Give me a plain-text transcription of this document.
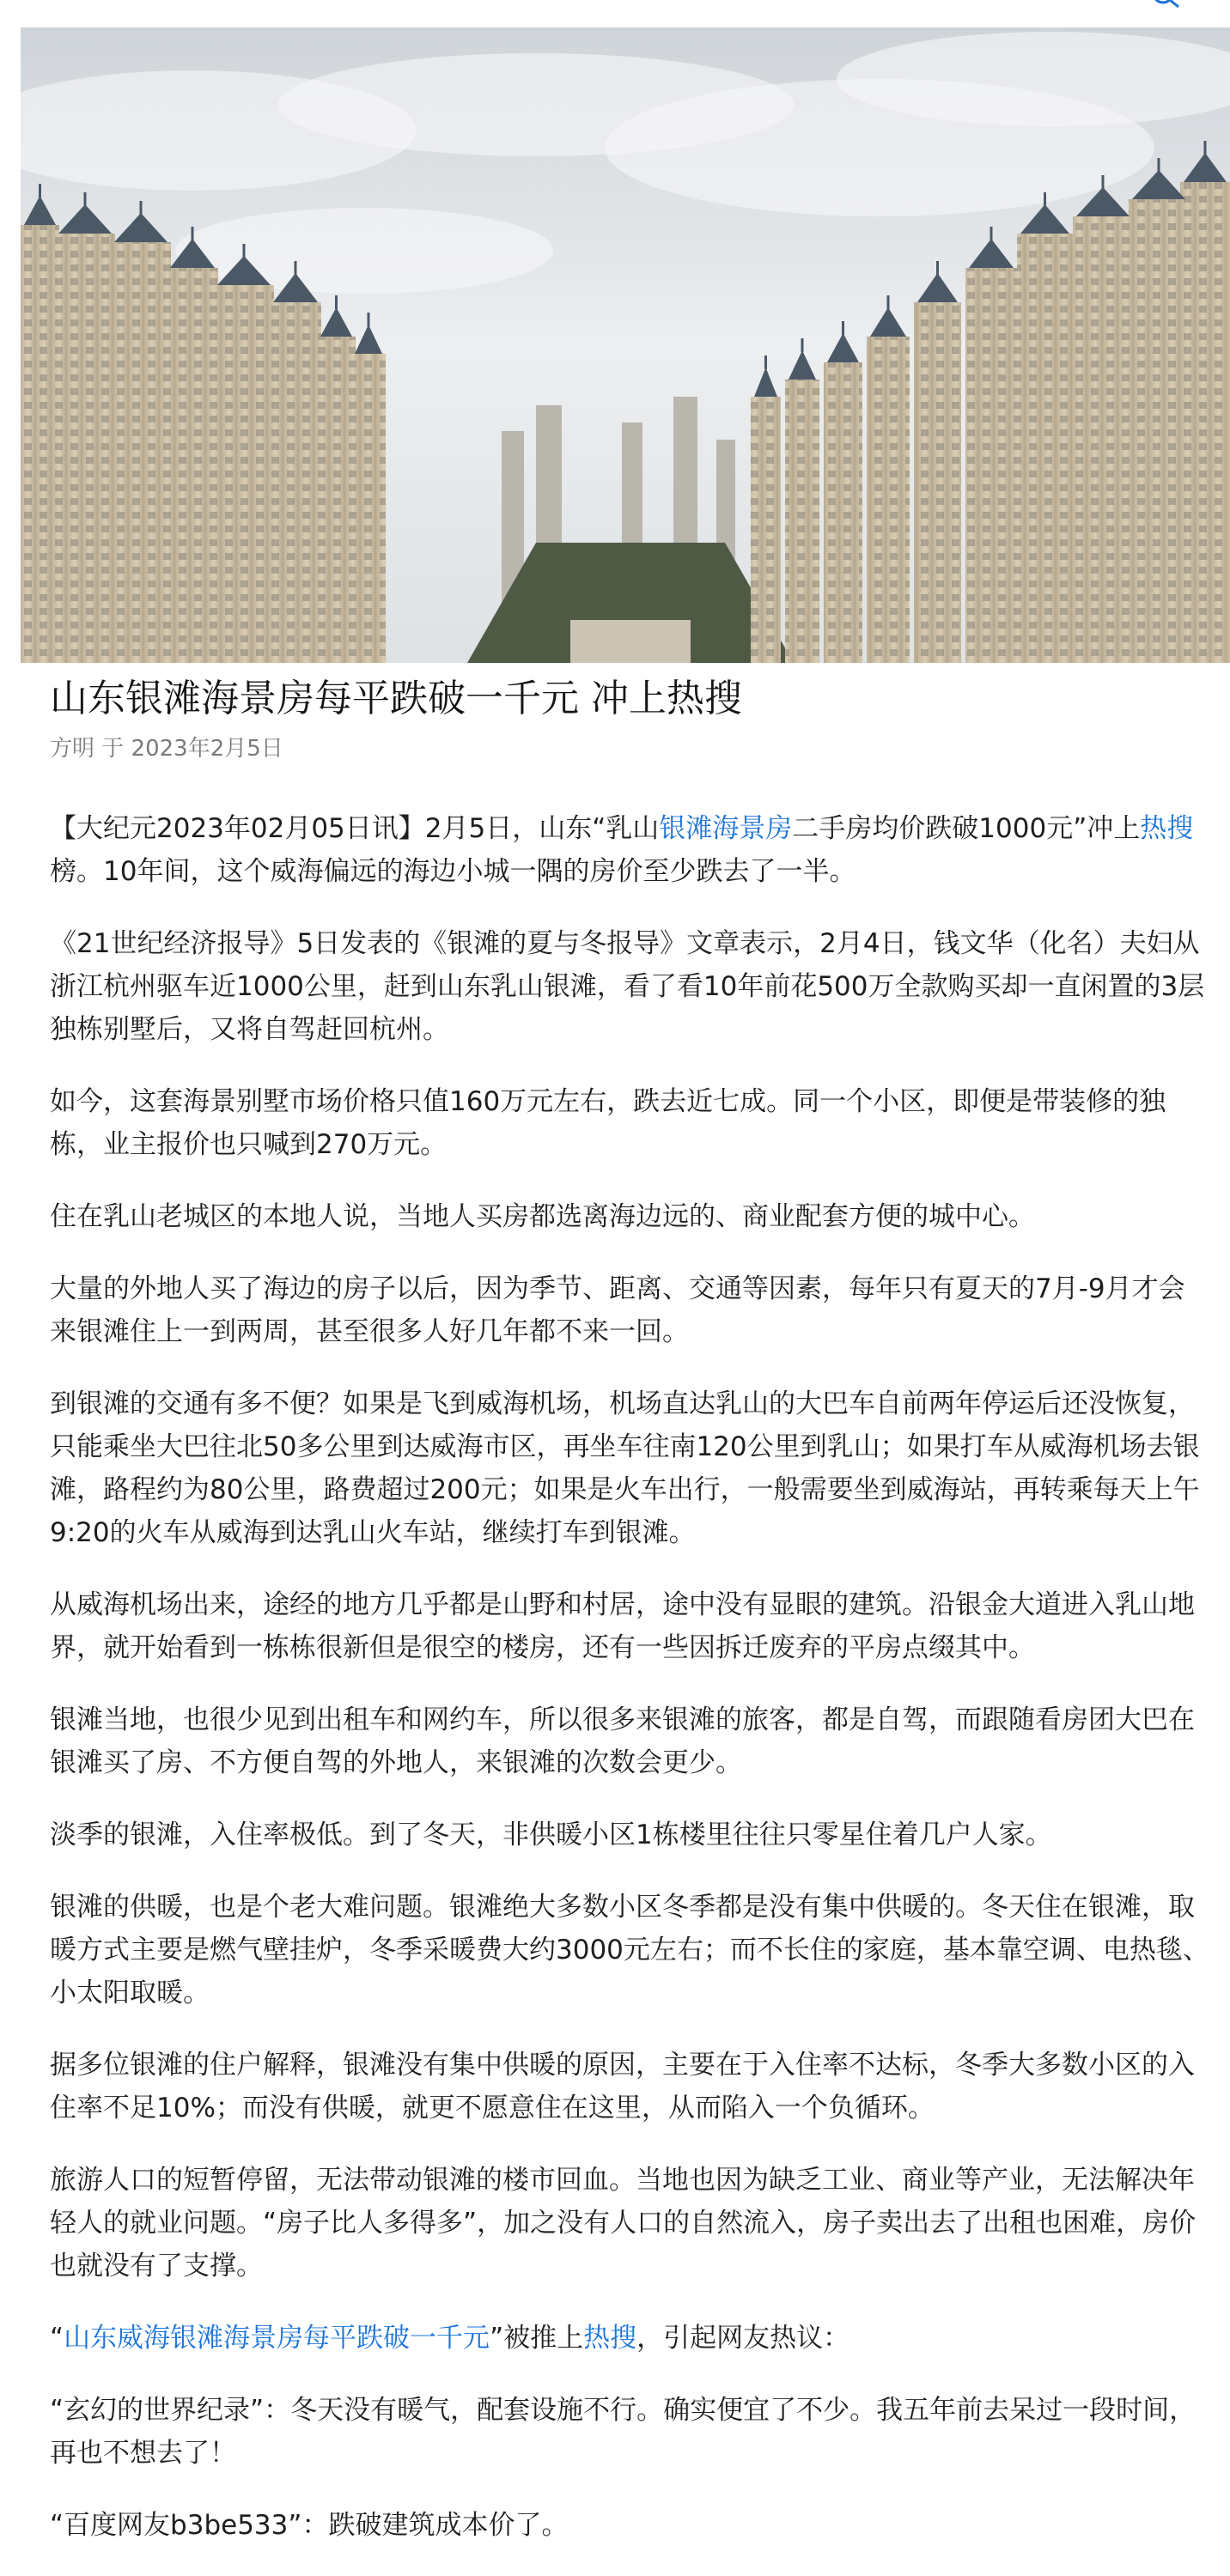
山东银滩海景房每平跌破一千元 冲上热搜
方明 于 2023年2月5日

【大纪元2023年02月05日讯】2月5日，山东“乳山银滩海景房二手房均价跌破1000元”冲上热搜榜。10年间，这个威海偏远的海边小城一隅的房价至少跌去了一半。

《21世纪经济报导》5日发表的《银滩的夏与冬报导》文章表示，2月4日，钱文华（化名）夫妇从浙江杭州驱车近1000公里，赶到山东乳山银滩，看了看10年前花500万全款购买却一直闲置的3层独栋别墅后，又将自驾赶回杭州。

如今，这套海景别墅市场价格只值160万元左右，跌去近七成。同一个小区，即便是带装修的独栋，业主报价也只喊到270万元。

住在乳山老城区的本地人说，当地人买房都选离海边远的、商业配套方便的城中心。

大量的外地人买了海边的房子以后，因为季节、距离、交通等因素，每年只有夏天的7月-9月才会来银滩住上一到两周，甚至很多人好几年都不来一回。

到银滩的交通有多不便？如果是飞到威海机场，机场直达乳山的大巴车自前两年停运后还没恢复，只能乘坐大巴往北50多公里到达威海市区，再坐车往南120公里到乳山；如果打车从威海机场去银滩，路程约为80公里，路费超过200元；如果是火车出行，一般需要坐到威海站，再转乘每天上午9:20的火车从威海到达乳山火车站，继续打车到银滩。

从威海机场出来，途经的地方几乎都是山野和村居，途中没有显眼的建筑。沿银金大道进入乳山地界，就开始看到一栋栋很新但是很空的楼房，还有一些因拆迁废弃的平房点缀其中。

银滩当地，也很少见到出租车和网约车，所以很多来银滩的旅客，都是自驾，而跟随看房团大巴在银滩买了房、不方便自驾的外地人，来银滩的次数会更少。

淡季的银滩，入住率极低。到了冬天，非供暖小区1栋楼里往往只零星住着几户人家。

银滩的供暖，也是个老大难问题。银滩绝大多数小区冬季都是没有集中供暖的。冬天住在银滩，取暖方式主要是燃气壁挂炉，冬季采暖费大约3000元左右；而不长住的家庭，基本靠空调、电热毯、小太阳取暖。

据多位银滩的住户解释，银滩没有集中供暖的原因，主要在于入住率不达标，冬季大多数小区的入住率不足10%；而没有供暖，就更不愿意住在这里，从而陷入一个负循环。

旅游人口的短暂停留，无法带动银滩的楼市回血。当地也因为缺乏工业、商业等产业，无法解决年轻人的就业问题。“房子比人多得多”，加之没有人口的自然流入，房子卖出去了出租也困难，房价也就没有了支撑。

“山东威海银滩海景房每平跌破一千元”被推上热搜，引起网友热议：

“玄幻的世界纪录”：冬天没有暖气，配套设施不行。确实便宜了不少。我五年前去呆过一段时间， 再也不想去了！

“百度网友b3be533”：跌破建筑成本价了。
